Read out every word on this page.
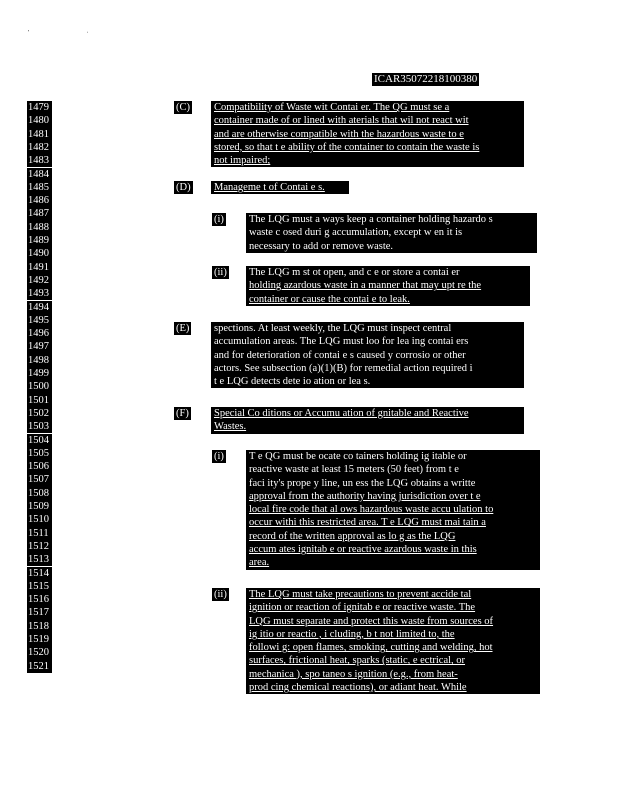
' ·
ICAR35072218100380
1479
1480
1481
1482
1483
1484
1485
1486
1487
1488
1489
1490
1491
1492
1493
1494
1495
1496
1497
1498
1499
1500
1501
1502
1503
1504
1505
1506
1507
1508
1509
1510
1511
1512
1513
1514
1515
1516
1517
1518
1519
1520
1521
(C) Compatibility of Waste wit Contai er. The QG must se a
container made of or lined with aterials that wil not react wit
and are otherwise compatible with the hazardous waste to e
stored, so that t e ability of the container to contain the waste is
not impaired;
(D) Manageme t of Contai e s.
(i) The LQG must a ways keep a container holding hazardo s
waste c osed duri g accumulation, except w en it is
necessary to add or remove waste.
(ii) The LQG m st ot open, and c e or store a contai er
holding azardous waste in a manner that may upt re the
container or cause the contai e to leak.
(E) spections. At least weekly, the LQG must inspect central
accumulation areas. The LQG must loo for lea ing contai ers
and for deterioration of contai e s caused y corrosio or other
actors. See subsection (a)(1)(B) for remedial action required i
t e LQG detects dete io ation or lea s.
(F) Special Co ditions or Accumu ation of gnitable and Reactive
Wastes.
(i) T e QG must be ocate co tainers holding ig itable or
reactive waste at least 15 meters (50 feet) from t e
faci ity's prope y line, un ess the LQG obtains a writte
approval from the authority having jurisdiction over t e
local fire code that al ows hazardous waste accu ulation to
occur withi this restricted area. T e LQG must mai tain a
record of the written approval as lo g as the LQG
accum ates ignitab e or reactive azardous waste in this
area.
(ii) The LQG must take precautions to prevent accide tal
ignition or reaction of ignitab e or reactive waste. The
LQG must separate and protect this waste from sources of
ig itio or reactio , i cluding, b t not limited to, the
followi g: open flames, smoking, cutting and welding, hot
surfaces, frictional heat, sparks (static, e ectrical, or
mechanica ), spo taneo s ignition (e.g., from heat-
prod cing chemical reactions), or adiant heat. While
